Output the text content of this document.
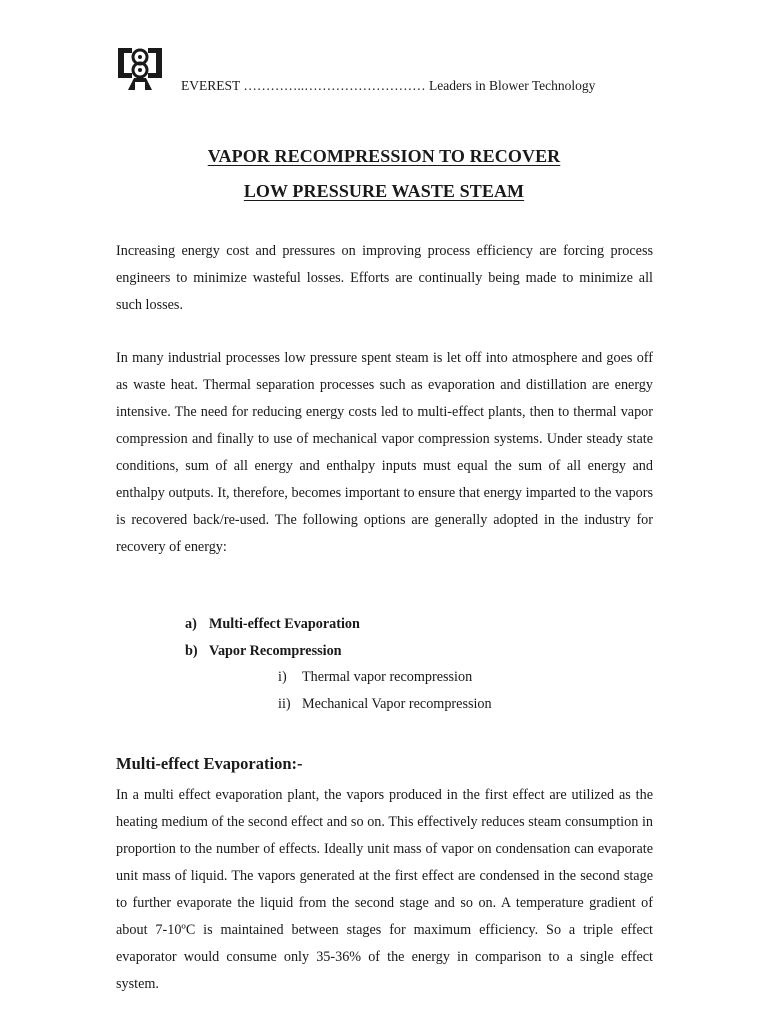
EVEREST …………..……………………… Leaders in Blower Technology
VAPOR RECOMPRESSION TO RECOVER
LOW PRESSURE WASTE STEAM

Increasing energy cost and pressures on improving process efficiency are forcing process engineers to minimize wasteful losses. Efforts are continually being made to minimize all such losses.

In many industrial processes low pressure spent steam is let off into atmosphere and goes off as waste heat. Thermal separation processes such as evaporation and distillation are energy intensive. The need for reducing energy costs led to multi-effect plants, then to thermal vapor compression and finally to use of mechanical vapor compression systems. Under steady state conditions, sum of all energy and enthalpy inputs must equal the sum of all energy and enthalpy outputs. It, therefore, becomes important to ensure that energy imparted to the vapors is recovered back/re-used. The following options are generally adopted in the industry for recovery of energy:

a) Multi-effect Evaporation
b) Vapor Recompression
i) Thermal vapor recompression
ii) Mechanical Vapor recompression
Multi-effect Evaporation:-

In a multi effect evaporation plant, the vapors produced in the first effect are utilized as the heating medium of the second effect and so on. This effectively reduces steam consumption in proportion to the number of effects. Ideally unit mass of vapor on condensation can evaporate unit mass of liquid. The vapors generated at the first effect are condensed in the second stage to further evaporate the liquid from the second stage and so on. A temperature gradient of about 7-10ºC is maintained between stages for maximum efficiency. So a triple effect evaporator would consume only 35-36% of the energy in comparison to a single effect system.
